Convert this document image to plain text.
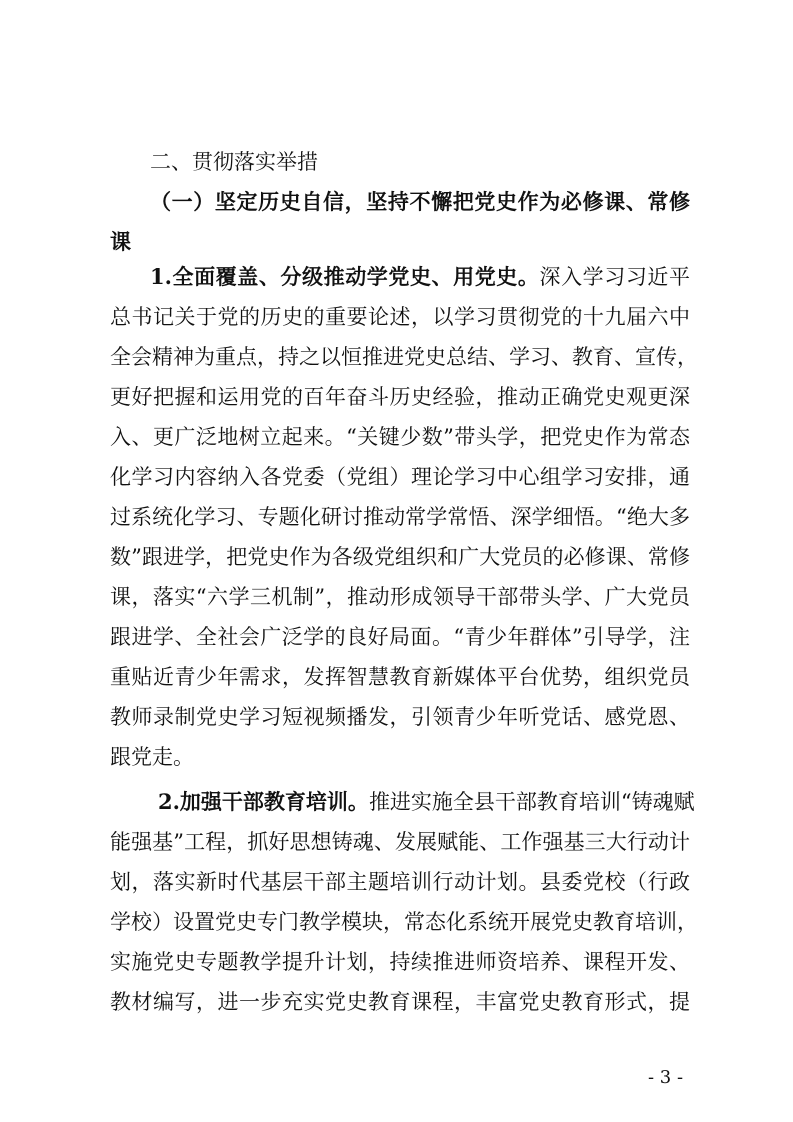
二、贯彻落实举措
（一）坚定历史自信，坚持不懈把党史作为必修课、常修
课
1.全面覆盖、分级推动学党史、用党史。深入学习习近平
总书记关于党的历史的重要论述，以学习贯彻党的十九届六中
全会精神为重点，持之以恒推进党史总结、学习、教育、宣传，
更好把握和运用党的百年奋斗历史经验，推动正确党史观更深
入、更广泛地树立起来。“关键少数”带头学，把党史作为常态
化学习内容纳入各党委（党组）理论学习中心组学习安排，通
过系统化学习、专题化研讨推动常学常悟、深学细悟。“绝大多
数”跟进学，把党史作为各级党组织和广大党员的必修课、常修
课，落实“六学三机制”，推动形成领导干部带头学、广大党员
跟进学、全社会广泛学的良好局面。“青少年群体”引导学，注
重贴近青少年需求，发挥智慧教育新媒体平台优势，组织党员
教师录制党史学习短视频播发，引领青少年听党话、感党恩、
跟党走。
2.加强干部教育培训。推进实施全县干部教育培训“铸魂赋
能强基”工程，抓好思想铸魂、发展赋能、工作强基三大行动计
划，落实新时代基层干部主题培训行动计划。县委党校（行政
学校）设置党史专门教学模块，常态化系统开展党史教育培训，
实施党史专题教学提升计划，持续推进师资培养、课程开发、
教材编写，进一步充实党史教育课程，丰富党史教育形式，提
- 3 -
